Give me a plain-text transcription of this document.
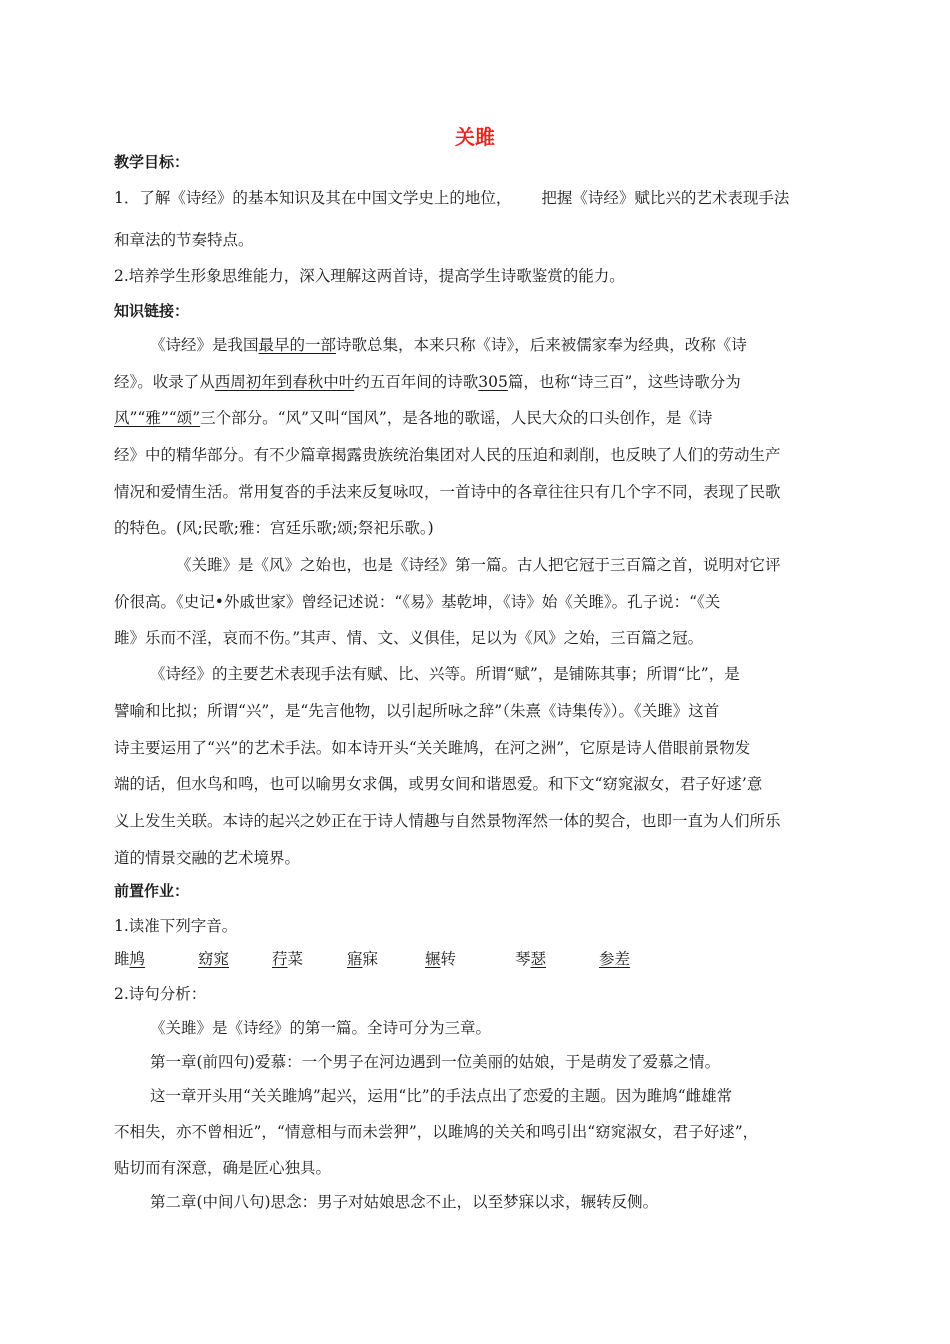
关雎
教学目标：
1．了解《诗经》的基本知识及其在中国文学史上的地位， 把握《诗经》赋比兴的艺术表现手法
和章法的节奏特点。
2.培养学生形象思维能力，深入理解这两首诗，提高学生诗歌鉴赏的能力。
知识链接：
《诗经》是我国最早的一部诗歌总集，本来只称《诗》，后来被儒家奉为经典，改称《诗
经》。收录了从西周初年到春秋中叶约五百年间的诗歌305篇，也称“诗三百”，这些诗歌分为
风”“雅”“颂”三个部分。“风”又叫“国风”，是各地的歌谣，人民大众的口头创作，是《诗
经》中的精华部分。有不少篇章揭露贵族统治集团对人民的压迫和剥削，也反映了人们的劳动生产
情况和爱情生活。常用复沓的手法来反复咏叹，一首诗中的各章往往只有几个字不同，表现了民歌
的特色。(风;民歌;雅：宫廷乐歌;颂;祭祀乐歌。)
《关雎》是《风》之始也，也是《诗经》第一篇。古人把它冠于三百篇之首，说明对它评
价很高。《史记•外戚世家》曾经记述说：“《易》基乾坤，《诗》始《关雎》。孔子说：“《关
雎》乐而不淫，哀而不伤。”其声、情、文、义俱佳，足以为《风》之始，三百篇之冠。
《诗经》的主要艺术表现手法有赋、比、兴等。所谓“赋”，是铺陈其事；所谓“比”，是
譬喻和比拟；所谓“兴”，是“先言他物，以引起所咏之辞”（朱熹《诗集传》）。《关雎》这首
诗主要运用了“兴”的艺术手法。如本诗开头“关关雎鸠，在河之洲”，它原是诗人借眼前景物发
端的话，但水鸟和鸣，也可以喻男女求偶，或男女间和谐恩爱。和下文“窈窕淑女，君子好逑’意
义上发生关联。本诗的起兴之妙正在于诗人情趣与自然景物浑然一体的契合，也即一直为人们所乐
道的情景交融的艺术境界。
前置作业：
1.读准下列字音。
雎鸠	窈窕	荇菜	寤寐	辗转	琴瑟	参差
2.诗句分析：
《关雎》是《诗经》的第一篇。全诗可分为三章。
第一章(前四句)爱慕：一个男子在河边遇到一位美丽的姑娘，于是萌发了爱慕之情。
这一章开头用“关关雎鸠”起兴，运用“比”的手法点出了恋爱的主题。因为雎鸠“雌雄常
不相失，亦不曾相近”，“情意相与而未尝狎”，以雎鸠的关关和鸣引出“窈窕淑女，君子好逑”，
贴切而有深意，确是匠心独具。
第二章(中间八句)思念：男子对姑娘思念不止，以至梦寐以求，辗转反侧。
